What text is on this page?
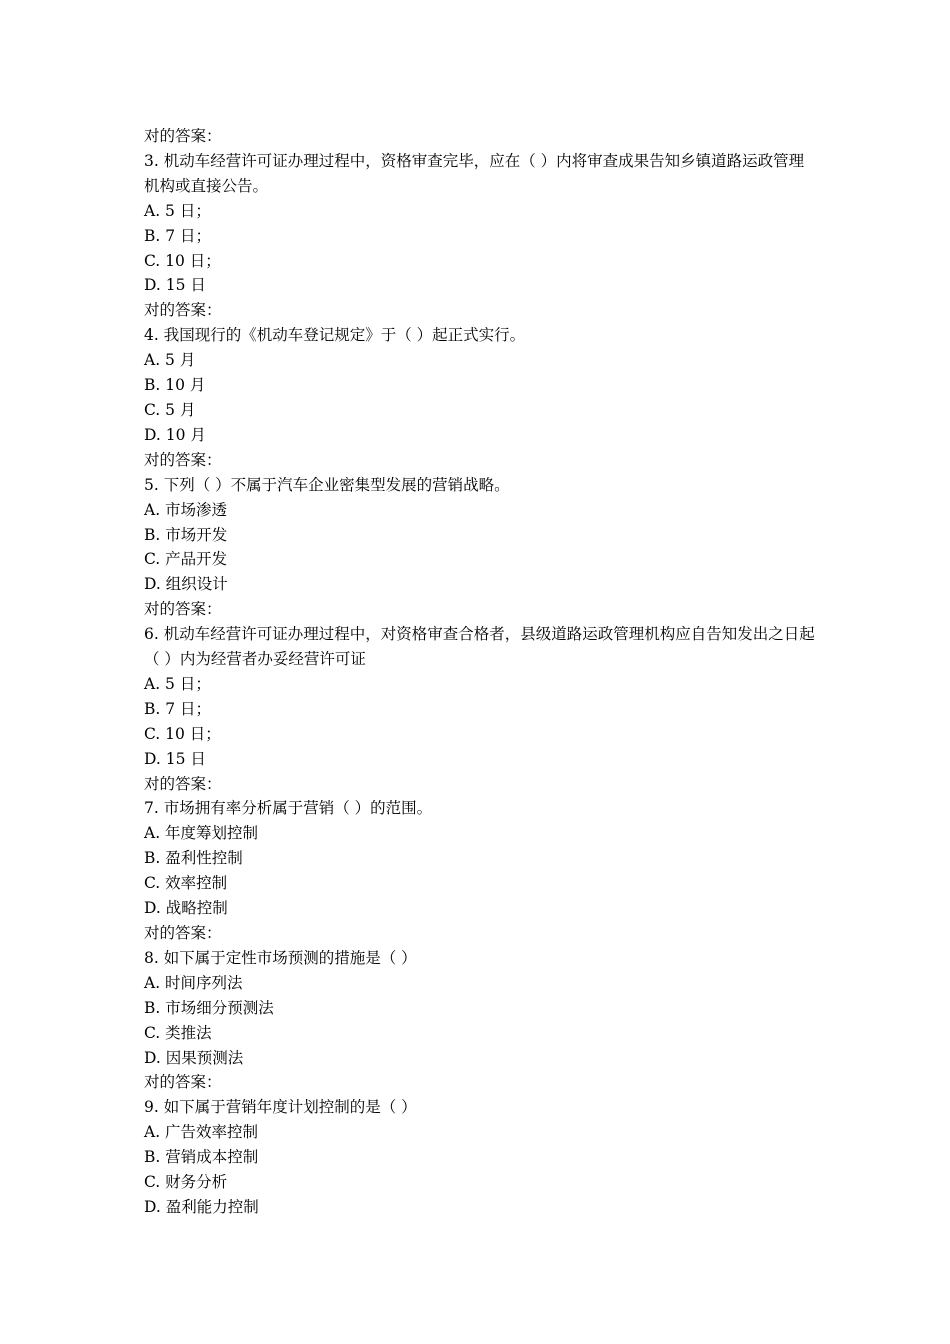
对的答案：
3. 机动车经营许可证办理过程中，资格审查完毕，应在（ ）内将审查成果告知乡镇道路运政管理机构或直接公告。
A. 5 日；
B. 7 日；
C. 10 日；
D. 15 日
对的答案：
4. 我国现行的《机动车登记规定》于（ ）起正式实行。
A. 5 月
B. 10 月
C. 5 月
D. 10 月
对的答案：
5. 下列（ ）不属于汽车企业密集型发展的营销战略。
A. 市场渗透
B. 市场开发
C. 产品开发
D. 组织设计
对的答案：
6. 机动车经营许可证办理过程中，对资格审查合格者，县级道路运政管理机构应自告知发出之日起（ ）内为经营者办妥经营许可证
A. 5 日；
B. 7 日；
C. 10 日；
D. 15 日
对的答案：
7. 市场拥有率分析属于营销（ ）的范围。
A. 年度筹划控制
B. 盈利性控制
C. 效率控制
D. 战略控制
对的答案：
8. 如下属于定性市场预测的措施是（ ）
A. 时间序列法
B. 市场细分预测法
C. 类推法
D. 因果预测法
对的答案：
9. 如下属于营销年度计划控制的是（ ）
A. 广告效率控制
B. 营销成本控制
C. 财务分析
D. 盈利能力控制
